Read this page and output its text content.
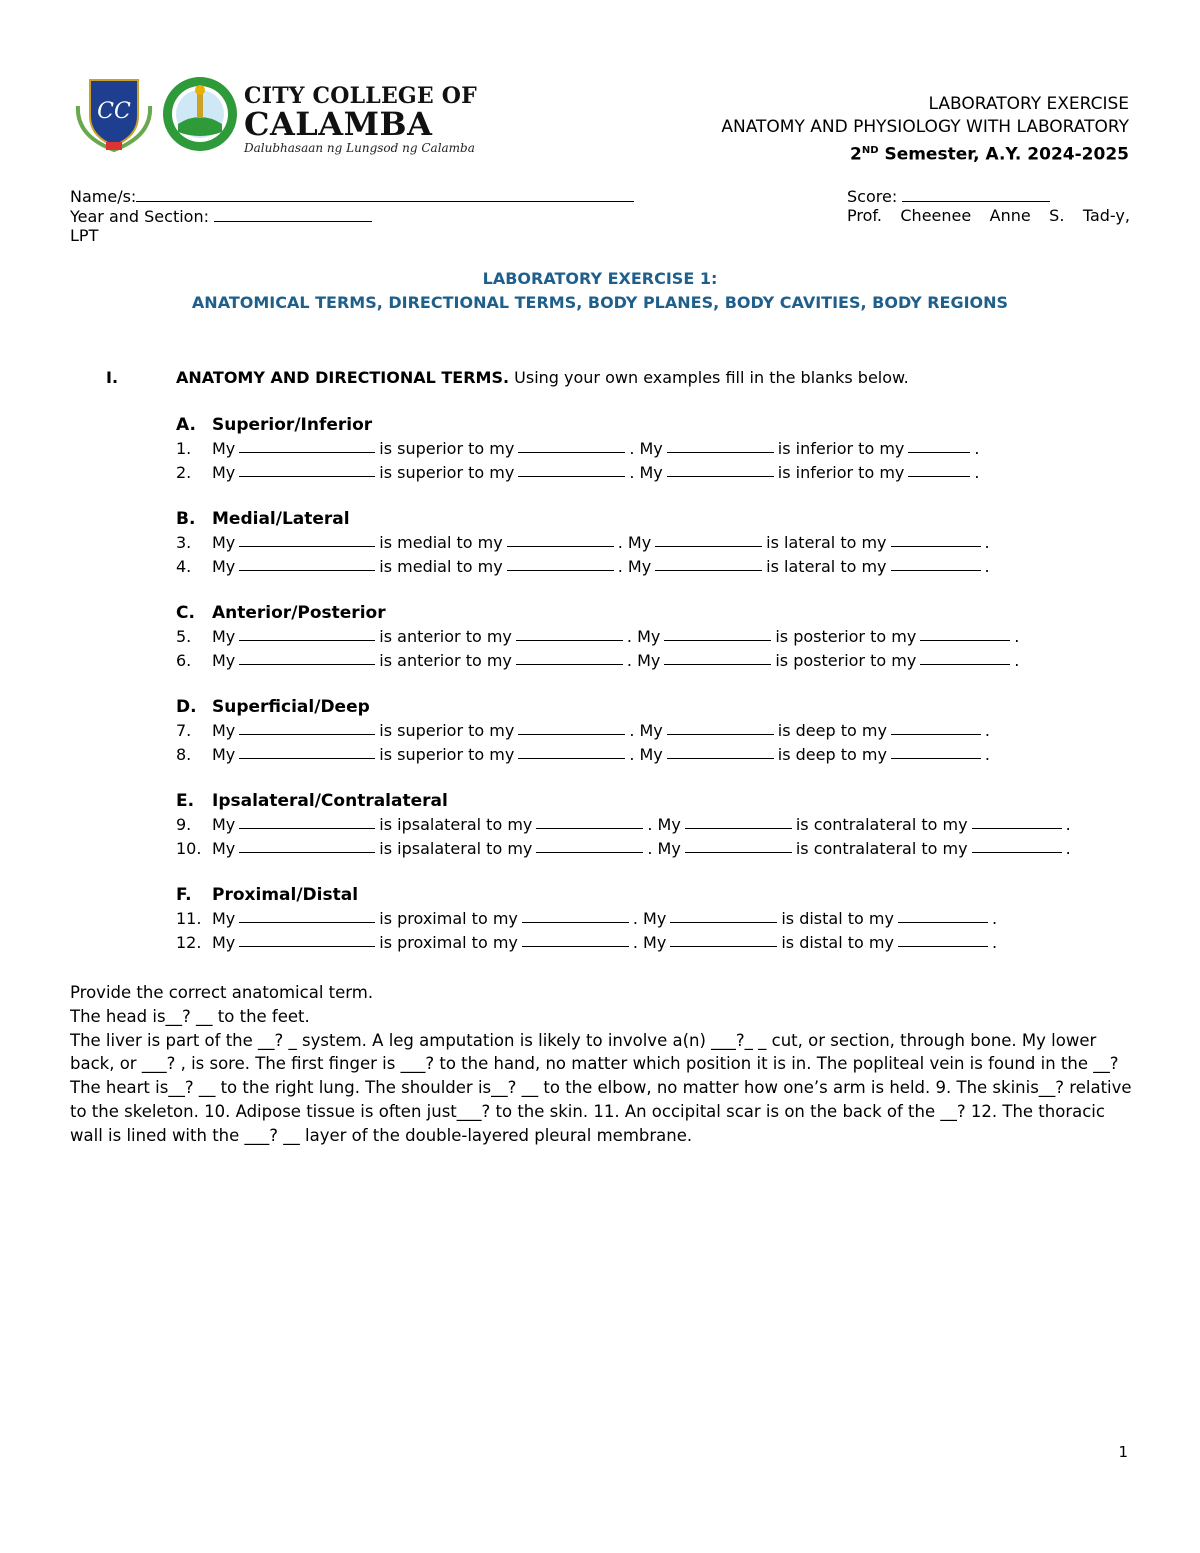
CC
CITY COLLEGE OF
CALAMBA
Dalubhasaan ng Lungsod ng Calamba
LABORATORY EXERCISE
ANATOMY AND PHYSIOLOGY WITH LABORATORY
2ND Semester, A.Y. 2024-2025
Name/s:	Score:
Year and Section:	Prof. Cheenee Anne S. Tad-y,
LPT
LABORATORY EXERCISE 1:
ANATOMICAL TERMS, DIRECTIONAL TERMS, BODY PLANES, BODY CAVITIES, BODY REGIONS
I.	ANATOMY AND DIRECTIONAL TERMS. Using your own examples fill in the blanks below.
A. Superior/Inferior
1.	My	is superior to my	. My	is inferior to my	.
2.	My	is superior to my	. My	is inferior to my	.
B. Medial/Lateral
3.	My	is medial to my	. My	is lateral to my	.
4.	My	is medial to my	. My	is lateral to my	.
C.	Anterior/Posterior
5.	My	is anterior to my	. My	is posterior to my	.
6.	My	is anterior to my	. My	is posterior to my	.
D. Superficial/Deep
7.	My	is superior to my	. My	is deep to my	.
8.	My	is superior to my	. My	is deep to my	.
E.	Ipsalateral/Contralateral
9.	My	is ipsalateral to my	. My	is contralateral to my	.
10. My	is ipsalateral to my	. My	is contralateral to my	.
F.	Proximal/Distal
11. My	is proximal to my	. My	is distal to my	.
12. My	is proximal to my	. My	is distal to my	.
Provide the correct anatomical term.
The head is__? __ to the feet.
The liver is part of the __? _ system. A leg amputation is likely to involve a(n) ___?_ _ cut, or section, through bone. My lower back, or ___? , is sore. The first finger is ___? to the hand, no matter which position it is in. The popliteal vein is found in the __? The heart is__? __ to the right lung. The shoulder is__? __ to the elbow, no matter how one’s arm is held. 9. The skinis__? relative to the skeleton. 10. Adipose tissue is often just___? to the skin. 11. An occipital scar is on the back of the __? 12. The thoracic wall is lined with the ___? __ layer of the double-layered pleural membrane.
1
